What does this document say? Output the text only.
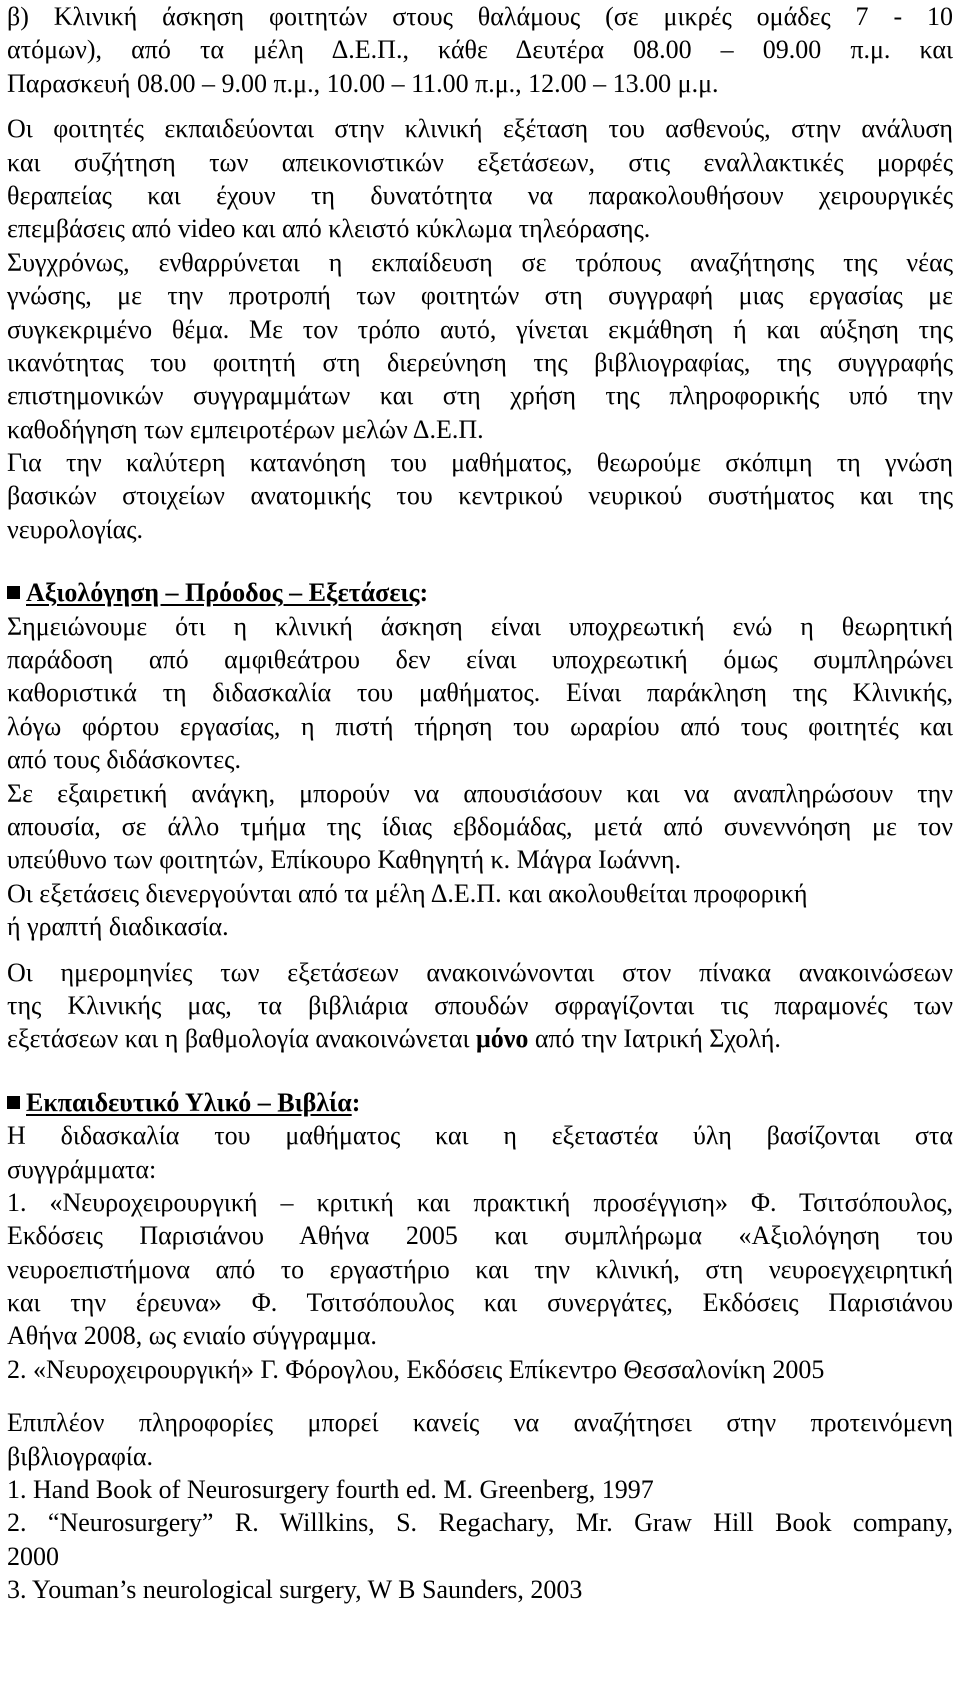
β) Κλινική άσκηση φοιτητών στους θαλάμους (σε μικρές ομάδες 7 - 10
ατόμων), από τα μέλη Δ.Ε.Π., κάθε Δευτέρα 08.00 – 09.00 π.μ. και
Παρασκευή 08.00 – 9.00 π.μ., 10.00 – 11.00 π.μ., 12.00 – 13.00 μ.μ.
Οι φοιτητές εκπαιδεύονται στην κλινική εξέταση του ασθενούς, στην ανάλυση
και συζήτηση των απεικονιστικών εξετάσεων, στις εναλλακτικές μορφές
θεραπείας και έχουν τη δυνατότητα να παρακολουθήσουν χειρουργικές
επεμβάσεις από video και από κλειστό κύκλωμα τηλεόρασης.
Συγχρόνως, ενθαρρύνεται η εκπαίδευση σε τρόπους αναζήτησης της νέας
γνώσης, με την προτροπή των φοιτητών στη συγγραφή μιας εργασίας με
συγκεκριμένο θέμα. Με τον τρόπο αυτό, γίνεται εκμάθηση ή και αύξηση της
ικανότητας του φοιτητή στη διερεύνηση της βιβλιογραφίας, της συγγραφής
επιστημονικών συγγραμμάτων και στη χρήση της πληροφορικής υπό την
καθοδήγηση των εμπειροτέρων μελών Δ.Ε.Π.
Για την καλύτερη κατανόηση του μαθήματος, θεωρούμε σκόπιμη τη γνώση
βασικών στοιχείων ανατομικής του κεντρικού νευρικού συστήματος και της
νευρολογίας.
Αξιολόγηση – Πρόοδος – Εξετάσεις:
Σημειώνουμε ότι η κλινική άσκηση είναι υποχρεωτική ενώ η θεωρητική
παράδοση από αμφιθεάτρου δεν είναι υποχρεωτική όμως συμπληρώνει
καθοριστικά τη διδασκαλία του μαθήματος. Είναι παράκληση της Κλινικής,
λόγω φόρτου εργασίας, η πιστή τήρηση του ωραρίου από τους φοιτητές και
από τους διδάσκοντες.
Σε εξαιρετική ανάγκη, μπορούν να απουσιάσουν και να αναπληρώσουν την
απουσία, σε άλλο τμήμα της ίδιας εβδομάδας, μετά από συνεννόηση με τον
υπεύθυνο των φοιτητών, Επίκουρο Καθηγητή κ. Μάγρα Ιωάννη.
Οι εξετάσεις διενεργούνται από τα μέλη Δ.Ε.Π. και ακολουθείται προφορική
ή γραπτή διαδικασία.
Οι ημερομηνίες των εξετάσεων ανακοινώνονται στον πίνακα ανακοινώσεων
της Κλινικής μας, τα βιβλιάρια σπουδών σφραγίζονται τις παραμονές των
εξετάσεων και η βαθμολογία ανακοινώνεται μόνο από την Ιατρική Σχολή.
Εκπαιδευτικό Υλικό – Βιβλία:
Η διδασκαλία του μαθήματος και η εξεταστέα ύλη βασίζονται στα
συγγράμματα:
1. «Νευροχειρουργική – κριτική και πρακτική προσέγγιση» Φ. Τσιτσόπουλος,
Εκδόσεις Παρισιάνου Αθήνα 2005 και συμπλήρωμα «Αξιολόγηση του
νευροεπιστήμονα από το εργαστήριο και την κλινική, στη νευροεγχειρητική
και την έρευνα» Φ. Τσιτσόπουλος και συνεργάτες, Εκδόσεις Παρισιάνου
Αθήνα 2008, ως ενιαίο σύγγραμμα.
2. «Νευροχειρουργική» Γ. Φόρογλου, Εκδόσεις Επίκεντρο Θεσσαλονίκη 2005
Επιπλέον πληροφορίες μπορεί κανείς να αναζήτησει στην προτεινόμενη
βιβλιογραφία.
1. Hand Book of Neurosurgery fourth ed. M. Greenberg, 1997
2. “Neurosurgery” R. Willkins, S. Regachary, Mr. Graw Hill Book company,
2000
3. Youman’s neurological surgery, W B Saunders, 2003
